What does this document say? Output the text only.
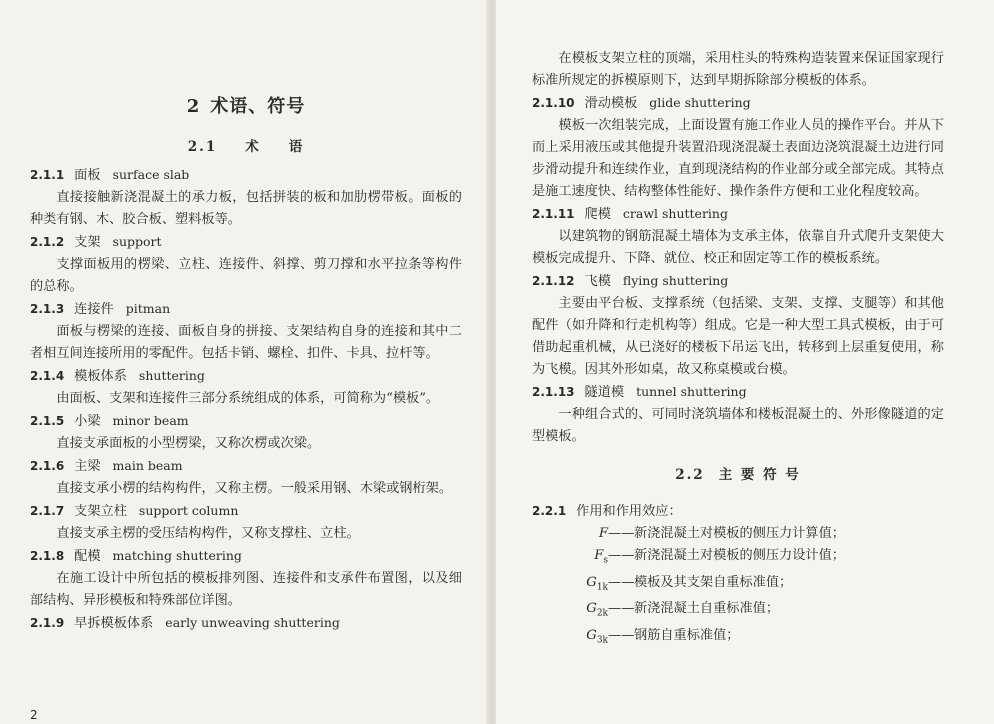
2 术语、符号
2.1 术 语
2.1.1 面板 surface slab

直接接触新浇混凝土的承力板，包括拼装的板和加肋楞带板。面板的种类有钢、木、胶合板、塑料板等。

2.1.2 支架 support

支撑面板用的楞梁、立柱、连接件、斜撑、剪刀撑和水平拉条等构件的总称。

2.1.3 连接件 pitman

面板与楞梁的连接、面板自身的拼接、支架结构自身的连接和其中二者相互间连接所用的零配件。包括卡销、螺栓、扣件、卡具、拉杆等。

2.1.4 模板体系 shuttering

由面板、支架和连接件三部分系统组成的体系，可简称为“模板”。

2.1.5 小梁 minor beam

直接支承面板的小型楞梁，又称次楞或次梁。

2.1.6 主梁 main beam

直接支承小楞的结构构件，又称主楞。一般采用钢、木梁或钢桁架。

2.1.7 支架立柱 support column

直接支承主楞的受压结构构件，又称支撑柱、立柱。

2.1.8 配模 matching shuttering

在施工设计中所包括的模板排列图、连接件和支承件布置图，以及细部结构、异形模板和特殊部位详图。

2.1.9 早拆模板体系 early unweaving shuttering

在模板支架立柱的顶端，采用柱头的特殊构造装置来保证国家现行标准所规定的拆模原则下，达到早期拆除部分模板的体系。

2.1.10 滑动模板 glide shuttering

模板一次组装完成，上面设置有施工作业人员的操作平台。并从下而上采用液压或其他提升装置沿现浇混凝土表面边浇筑混凝土边进行同步滑动提升和连续作业，直到现浇结构的作业部分或全部完成。其特点是施工速度快、结构整体性能好、操作条件方便和工业化程度较高。

2.1.11 爬模 crawl shuttering

以建筑物的钢筋混凝土墙体为支承主体，依靠自升式爬升支架使大模板完成提升、下降、就位、校正和固定等工作的模板系统。

2.1.12 飞模 flying shuttering

主要由平台板、支撑系统（包括梁、支架、支撑、支腿等）和其他配件（如升降和行走机构等）组成。它是一种大型工具式模板，由于可借助起重机械，从已浇好的楼板下吊运飞出，转移到上层重复使用，称为飞模。因其外形如桌，故又称桌模或台模。

2.1.13 隧道模 tunnel shuttering

一种组合式的、可同时浇筑墙体和楼板混凝土的、外形像隧道的定型模板。

2.2 主 要 符 号
2.2.1 作用和作用效应：
F——新浇混凝土对模板的侧压力计算值；
$F_s——$新浇混凝土对模板的侧压力设计值；
$G_{1k}——$模板及其支架自重标准值；
$G_{2k}——$新浇混凝土自重标准值；
$G_{3k}——$钢筋自重标准值；
2
